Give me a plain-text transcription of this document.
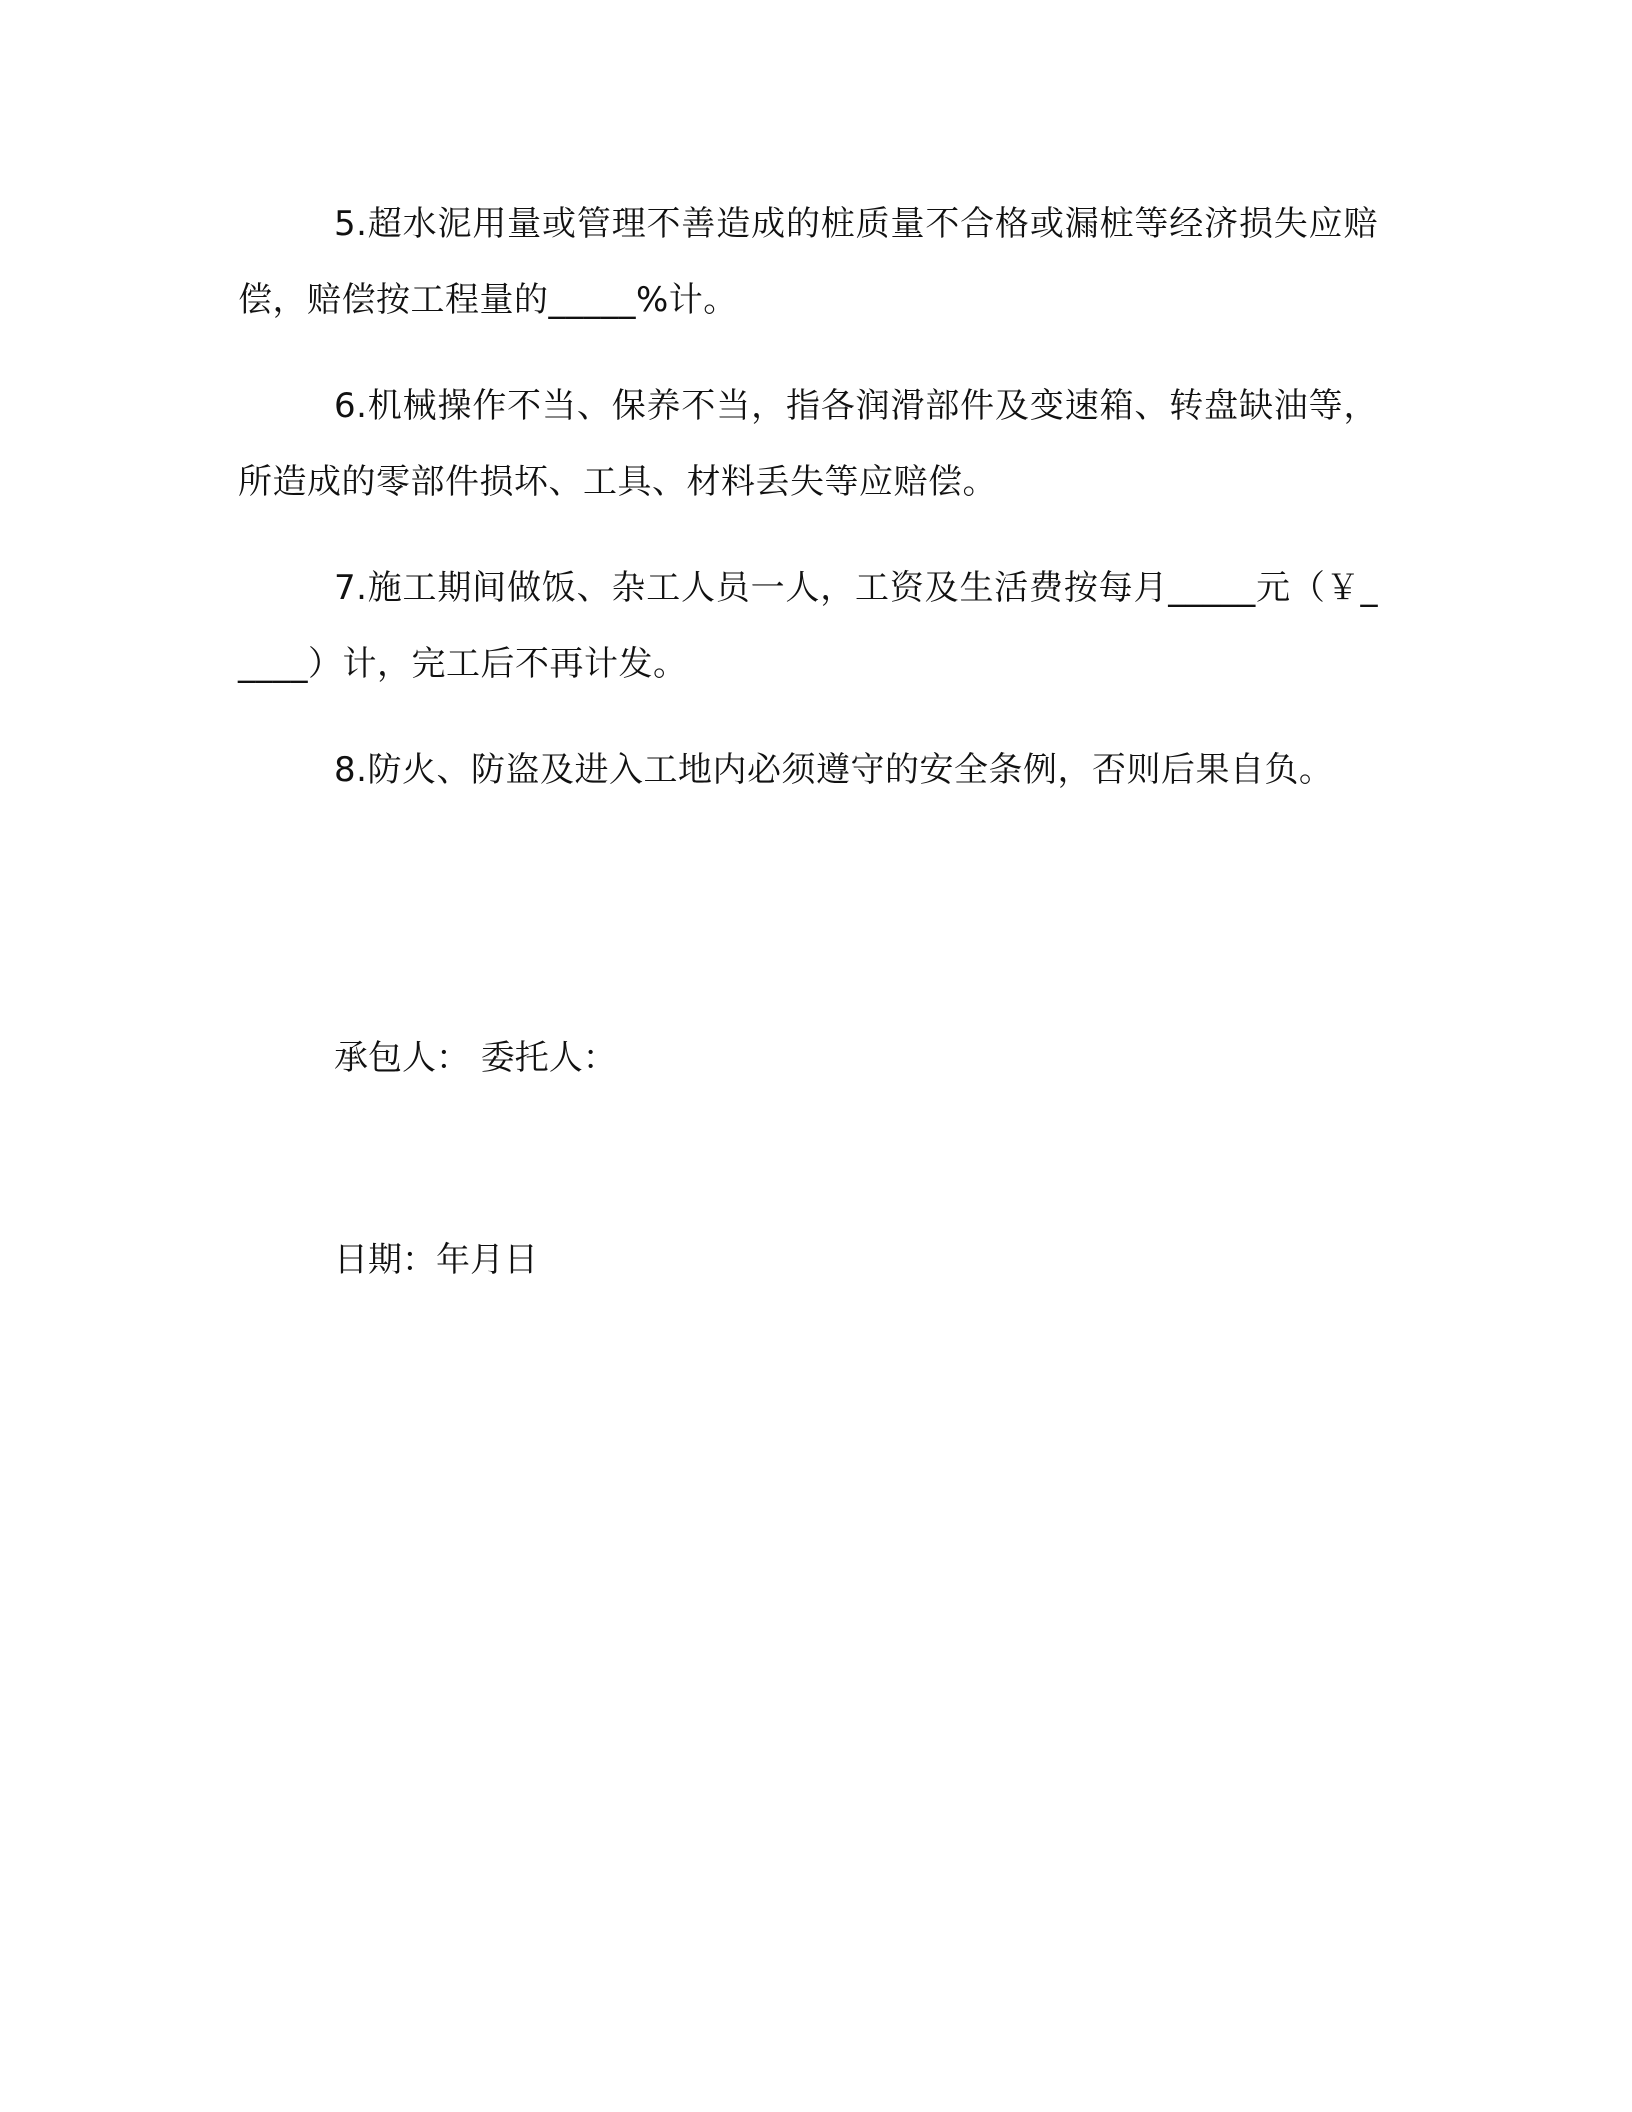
5.超水泥用量或管理不善造成的桩质量不合格或漏桩等经济损失应赔偿，赔偿按工程量的_____%计。

6.机械操作不当、保养不当，指各润滑部件及变速箱、转盘缺油等，所造成的零部件损坏、工具、材料丢失等应赔偿。

7.施工期间做饭、杂工人员一人，工资及生活费按每月_____元（￥_____）计，完工后不再计发。

8.防火、防盗及进入工地内必须遵守的安全条例，否则后果自负。

承包人： 委托人：

日期：年月日
